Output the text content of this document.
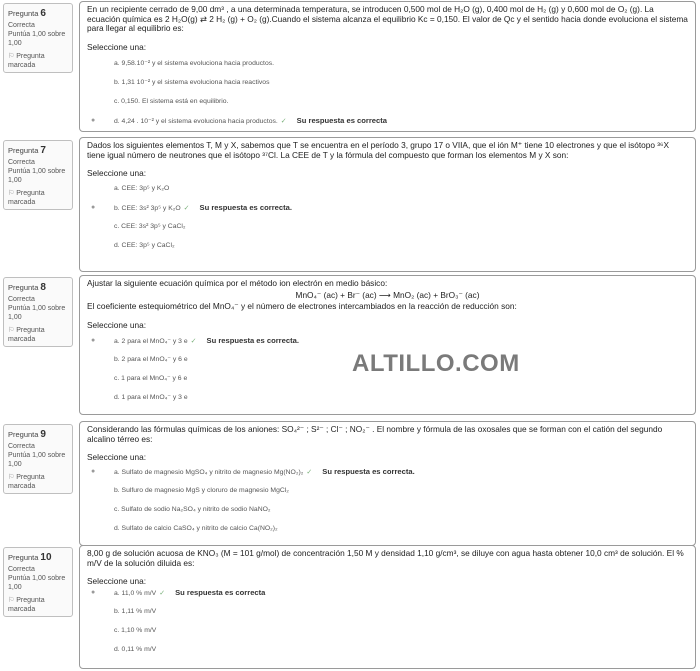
Pregunta 6
Correcta
Puntúa 1,00 sobre 1,00
⚐ Pregunta marcada
En un recipiente cerrado de 9,00 dm³ , a una determinada temperatura, se introducen 0,500 mol de H₂O (g), 0,400 mol de H₂ (g) y 0,600 mol de O₂ (g). La ecuación química es 2 H₂O(g) ⇄ 2 H₂ (g) + O₂ (g).Cuando el sistema alcanza el equilibrio Kc = 0,150. El valor de Qc y el sentido hacia donde evoluciona el sistema para llegar al equilibrio es:
Seleccione una:
a. 9,58.10⁻² y el sistema evoluciona hacia productos.
b. 1,31 10⁻² y el sistema evoluciona hacia reactivos
c. 0,150. El sistema está en equilibrio.
●	d. 4,24 . 10⁻² y el sistema evoluciona hacia productos. ✓ Su respuesta es correcta
Pregunta 7
Correcta
Puntúa 1,00 sobre 1,00
⚐ Pregunta marcada
Dados los siguientes elementos T, M y X, sabemos que T se encuentra en el período 3, grupo 17 o VIIA, que el ión M⁺ tiene 10 electrones y que el isótopo ³⁶X tiene igual número de neutrones que el isótopo ³⁷Cl. La CEE de T y la fórmula del compuesto que forman los elementos M y X son:
Seleccione una:
a. CEE: 3p⁵ y K₂O
●	b. CEE: 3s² 3p⁵ y K₂O ✓ Su respuesta es correcta.
c. CEE: 3s² 3p⁵ y CaCl₂
d. CEE: 3p⁵ y CaCl₂
Pregunta 8
Correcta
Puntúa 1,00 sobre 1,00
⚐ Pregunta marcada
Ajustar la siguiente ecuación química por el método ion electrón en medio básico:
MnO₄⁻ (ac) + Br⁻ (ac) ⟶ MnO₂ (ac) + BrO₃⁻ (ac)
El coeficiente estequiométrico del MnO₄⁻ y el número de electrones intercambiados en la reacción de reducción son:
Seleccione una:
●	a. 2 para el MnO₄⁻ y 3 e ✓ Su respuesta es correcta.
b. 2 para el MnO₄⁻ y 6 e
c. 1 para el MnO₄⁻ y 6 e
d. 1 para el MnO₄⁻ y 3 e
ALTILLO.COM
Pregunta 9
Correcta
Puntúa 1,00 sobre 1,00
⚐ Pregunta marcada
Considerando las fórmulas químicas de los aniones: SO₄²⁻ ; S²⁻ ; Cl⁻ ; NO₂⁻ . El nombre y fórmula de las oxosales que se forman con el catión del segundo alcalino térreo es:
Seleccione una:
●	a. Sulfato de magnesio MgSO₄ y nitrito de magnesio Mg(NO₂)₂ ✓ Su respuesta es correcta.
b. Sulfuro de magnesio MgS y cloruro de magnesio MgCl₂
c. Sulfato de sodio Na₂SO₄ y nitrito de sodio NaNO₂
d. Sulfato de calcio CaSO₄ y nitrito de calcio Ca(NO₂)₂
Pregunta 10
Correcta
Puntúa 1,00 sobre 1,00
⚐ Pregunta marcada
8,00 g de solución acuosa de KNO₃ (M = 101 g/mol) de concentración 1,50 M y densidad 1,10 g/cm³, se diluye con agua hasta obtener 10,0 cm³ de solución. El % m/V de la solución diluida es:
Seleccione una:
●	a. 11,0 % m/V ✓ Su respuesta es correcta
b. 1,11 % m/V
c. 1,10 % m/V
d. 0,11 % m/V
